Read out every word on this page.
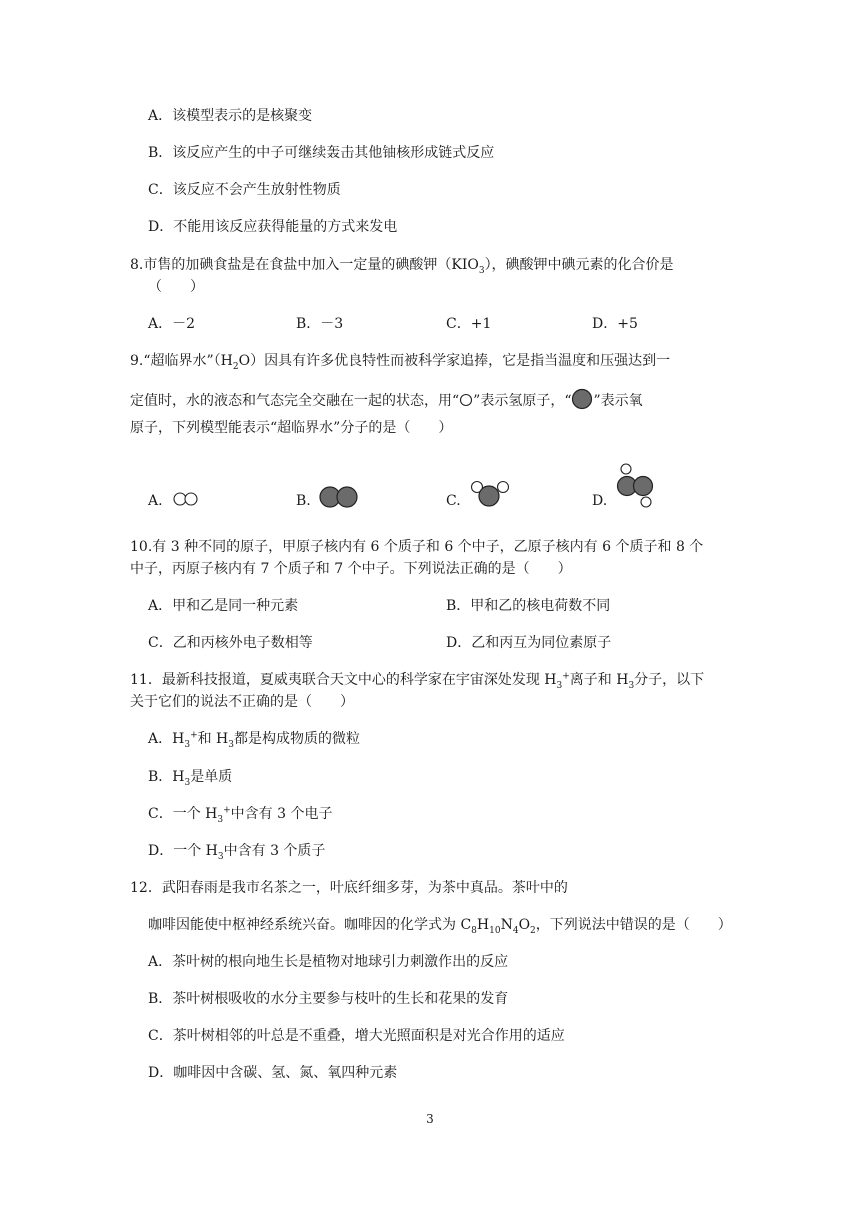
A．该模型表示的是核聚变
B．该反应产生的中子可继续轰击其他铀核形成链式反应
C．该反应不会产生放射性物质
D．不能用该反应获得能量的方式来发电
8.市售的加碘食盐是在食盐中加入一定量的碘酸钾$(KIO_3)$，碘酸钾中碘元素的化合价是
（　　）
A．－2	B．－3	C．+1	D．+5
9.“超临界水$”(H_2O)$因具有许多优良特性而被科学家追捧，它是指当温度和压强达到一
定值时，水的液态和气态完全交融在一起的状态，用“ ”表示氢原子，“ ”表示氧
原子，下列模型能表示“超临界水”分子的是（　　）
A.	B.	C.	D.
10.有 3 种不同的原子，甲原子核内有 6 个质子和 6 个中子，乙原子核内有 6 个质子和 8 个
中子，丙原子核内有 7 个质子和 7 个中子。下列说法正确的是（　　）
A．甲和乙是同一种元素	B．甲和乙的核电荷数不同
C．乙和丙核外电子数相等	D．乙和丙互为同位素原子
11．最新科技报道，夏威夷联合天文中心的科学家在宇宙深处发现 $H_3^+$离子和 $H_3$分子，以下
关于它们的说法不正确的是（　　）
A．$H_3^+$和 $H_3$都是构成物质的微粒
B．$H_3$是单质
C．一个 $H_3^+$中含有 3 个电子
D．一个 $H_3$中含有 3 个质子
12．武阳春雨是我市名茶之一，叶底纤细多芽，为茶中真品。茶叶中的
咖啡因能使中枢神经系统兴奋。咖啡因的化学式为 $C_8H_{10}N_4O_2$，下列说法中错误的是（　　）
A．茶叶树的根向地生长是植物对地球引力刺激作出的反应
B．茶叶树根吸收的水分主要参与枝叶的生长和花果的发育
C．茶叶树相邻的叶总是不重叠，增大光照面积是对光合作用的适应
D．咖啡因中含碳、氢、氮、氧四种元素
3
